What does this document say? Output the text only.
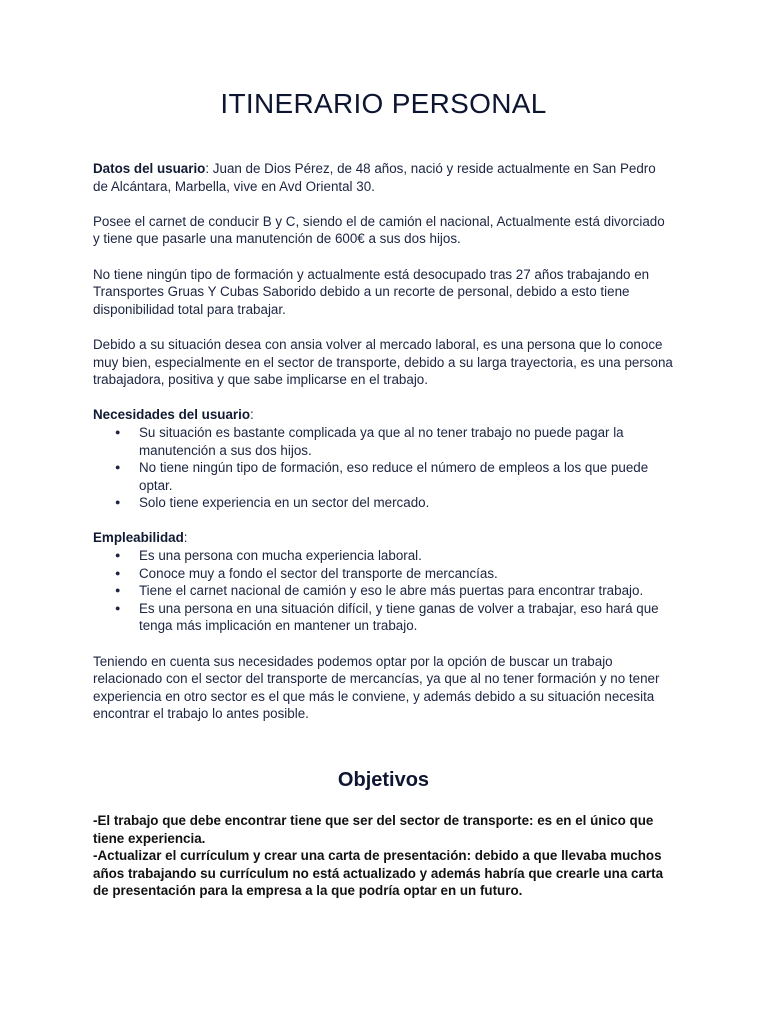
ITINERARIO PERSONAL

Datos del usuario: Juan de Dios Pérez, de 48 años, nació y reside actualmente en San Pedro de Alcántara, Marbella, vive en Avd Oriental 30.

Posee el carnet de conducir B y C, siendo el de camión el nacional, Actualmente está divorciado y tiene que pasarle una manutención de 600€ a sus dos hijos.

No tiene ningún tipo de formación y actualmente está desocupado tras 27 años trabajando en Transportes Gruas Y Cubas Saborido debido a un recorte de personal, debido a esto tiene disponibilidad total para trabajar.

Debido a su situación desea con ansia volver al mercado laboral, es una persona que lo conoce muy bien, especialmente en el sector de transporte, debido a su larga trayectoria, es una persona trabajadora, positiva y que sabe implicarse en el trabajo.

Necesidades del usuario:

● Su situación es bastante complicada ya que al no tener trabajo no puede pagar la manutención a sus dos hijos.
● No tiene ningún tipo de formación, eso reduce el número de empleos a los que puede optar.
● Solo tiene experiencia en un sector del mercado.

Empleabilidad:

● Es una persona con mucha experiencia laboral.
● Conoce muy a fondo el sector del transporte de mercancías.
● Tiene el carnet nacional de camión y eso le abre más puertas para encontrar trabajo.
● Es una persona en una situación difícil, y tiene ganas de volver a trabajar, eso hará que tenga más implicación en mantener un trabajo.

Teniendo en cuenta sus necesidades podemos optar por la opción de buscar un trabajo relacionado con el sector del transporte de mercancías, ya que al no tener formación y no tener experiencia en otro sector es el que más le conviene, y además debido a su situación necesita encontrar el trabajo lo antes posible.

Objetivos

-El trabajo que debe encontrar tiene que ser del sector de transporte: es en el único que tiene experiencia.

-Actualizar el currículum y crear una carta de presentación: debido a que llevaba muchos años trabajando su currículum no está actualizado y además habría que crearle una carta de presentación para la empresa a la que podría optar en un futuro.
